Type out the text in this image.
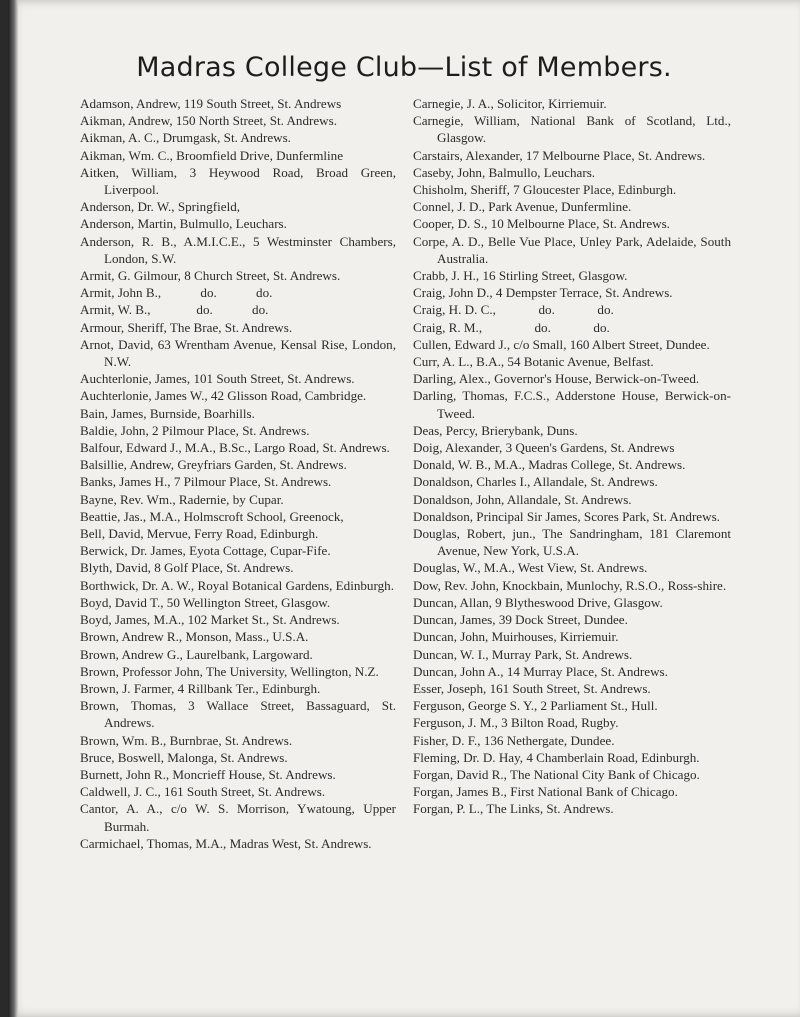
Madras College Club—List of Members.
Adamson, Andrew, 119 South Street, St. Andrews
Aikman, Andrew, 150 North Street, St. Andrews.
Aikman, A. C., Drumgask, St. Andrews.
Aikman, Wm. C., Broomfield Drive, Dunfermline
Aitken, William, 3 Heywood Road, Broad Green, Liverpool.
Anderson, Dr. W., Springfield,
Anderson, Martin, Bulmullo, Leuchars.
Anderson, R. B., A.M.I.C.E., 5 Westminster Chambers, London, S.W.
Armit, G. Gilmour, 8 Church Street, St. Andrews.
Armit, John B.,            do.            do.
Armit, W. B.,              do.            do.
Armour, Sheriff, The Brae, St. Andrews.
Arnot, David, 63 Wrentham Avenue, Kensal Rise, London, N.W.
Auchterlonie, James, 101 South Street, St. Andrews.
Auchterlonie, James W., 42 Glisson Road, Cambridge.
Bain, James, Burnside, Boarhills.
Baldie, John, 2 Pilmour Place, St. Andrews.
Balfour, Edward J., M.A., B.Sc., Largo Road, St. Andrews.
Balsillie, Andrew, Greyfriars Garden, St. Andrews.
Banks, James H., 7 Pilmour Place, St. Andrews.
Bayne, Rev. Wm., Radernie, by Cupar.
Beattie, Jas., M.A., Holmscroft School, Greenock,
Bell, David, Mervue, Ferry Road, Edinburgh.
Berwick, Dr. James, Eyota Cottage, Cupar-Fife.
Blyth, David, 8 Golf Place, St. Andrews.
Borthwick, Dr. A. W., Royal Botanical Gardens, Edinburgh.
Boyd, David T., 50 Wellington Street, Glasgow.
Boyd, James, M.A., 102 Market St., St. Andrews.
Brown, Andrew R., Monson, Mass., U.S.A.
Brown, Andrew G., Laurelbank, Largoward.
Brown, Professor John, The University, Wellington, N.Z.
Brown, J. Farmer, 4 Rillbank Ter., Edinburgh.
Brown, Thomas, 3 Wallace Street, Bassaguard, St. Andrews.
Brown, Wm. B., Burnbrae, St. Andrews.
Bruce, Boswell, Malonga, St. Andrews.
Burnett, John R., Moncrieff House, St. Andrews.
Caldwell, J. C., 161 South Street, St. Andrews.
Cantor, A. A., c/o W. S. Morrison, Ywatoung, Upper Burmah.
Carmichael, Thomas, M.A., Madras West, St. Andrews.
Carnegie, J. A., Solicitor, Kirriemuir.
Carnegie, William, National Bank of Scotland, Ltd., Glasgow.
Carstairs, Alexander, 17 Melbourne Place, St. Andrews.
Caseby, John, Balmullo, Leuchars.
Chisholm, Sheriff, 7 Gloucester Place, Edinburgh.
Connel, J. D., Park Avenue, Dunfermline.
Cooper, D. S., 10 Melbourne Place, St. Andrews.
Corpe, A. D., Belle Vue Place, Unley Park, Adelaide, South Australia.
Crabb, J. H., 16 Stirling Street, Glasgow.
Craig, John D., 4 Dempster Terrace, St. Andrews.
Craig, H. D. C.,             do.             do.
Craig, R. M.,                do.             do.
Cullen, Edward J., c/o Small, 160 Albert Street, Dundee.
Curr, A. L., B.A., 54 Botanic Avenue, Belfast.
Darling, Alex., Governor's House, Berwick-on-Tweed.
Darling, Thomas, F.C.S., Adderstone House, Berwick-on-Tweed.
Deas, Percy, Brierybank, Duns.
Doig, Alexander, 3 Queen's Gardens, St. Andrews
Donald, W. B., M.A., Madras College, St. Andrews.
Donaldson, Charles I., Allandale, St. Andrews.
Donaldson, John, Allandale, St. Andrews.
Donaldson, Principal Sir James, Scores Park, St. Andrews.
Douglas, Robert, jun., The Sandringham, 181 Claremont Avenue, New York, U.S.A.
Douglas, W., M.A., West View, St. Andrews.
Dow, Rev. John, Knockbain, Munlochy, R.S.O., Ross-shire.
Duncan, Allan, 9 Blytheswood Drive, Glasgow.
Duncan, James, 39 Dock Street, Dundee.
Duncan, John, Muirhouses, Kirriemuir.
Duncan, W. I., Murray Park, St. Andrews.
Duncan, John A., 14 Murray Place, St. Andrews.
Esser, Joseph, 161 South Street, St. Andrews.
Ferguson, George S. Y., 2 Parliament St., Hull.
Ferguson, J. M., 3 Bilton Road, Rugby.
Fisher, D. F., 136 Nethergate, Dundee.
Fleming, Dr. D. Hay, 4 Chamberlain Road, Edinburgh.
Forgan, David R., The National City Bank of Chicago.
Forgan, James B., First National Bank of Chicago.
Forgan, P. L., The Links, St. Andrews.
